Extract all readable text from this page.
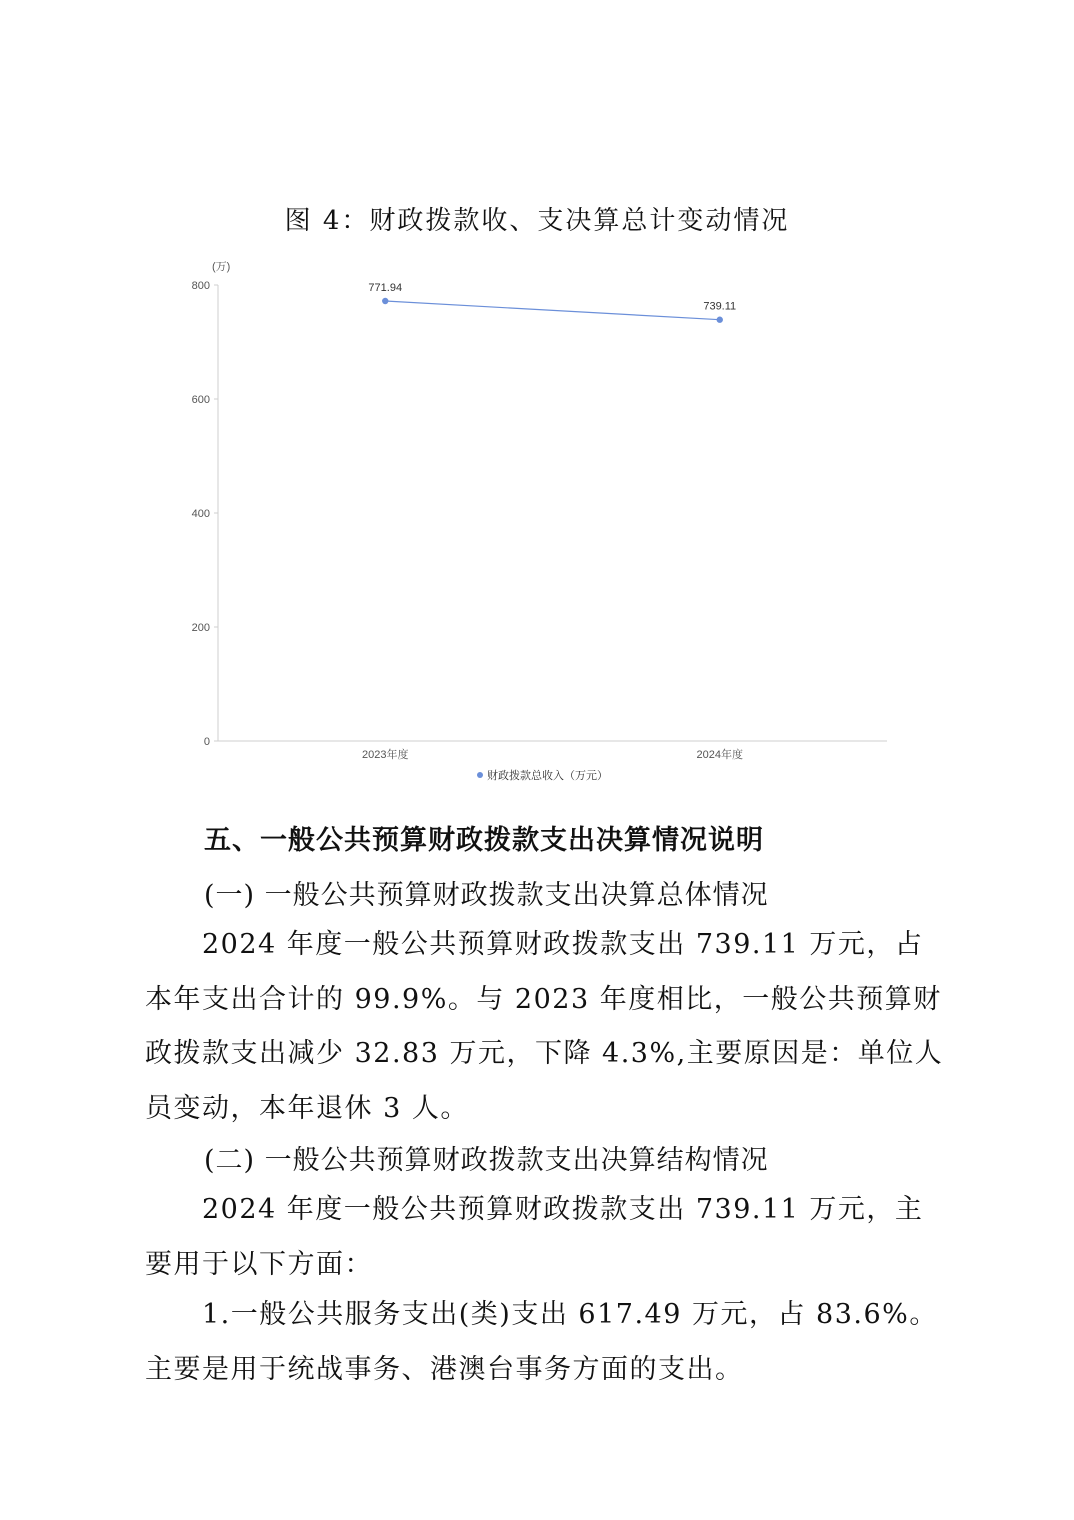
图 4：财政拨款收、支决算总计变动情况
(万)
0
200
400
600
800
2023年度	2024年度
771.94
739.11
财政拨款总收入（万元）
五、一般公共预算财政拨款支出决算情况说明
(一) 一般公共预算财政拨款支出决算总体情况
2024 年度一般公共预算财政拨款支出 739.11 万元，占本年支出合计的 99.9%。与 2023 年度相比，一般公共预算财政拨款支出减少 32.83 万元，下降 4.3%,主要原因是：单位人员变动，本年退休 3 人。
(二) 一般公共预算财政拨款支出决算结构情况
2024 年度一般公共预算财政拨款支出 739.11 万元，主要用于以下方面：
1.一般公共服务支出(类)支出 617.49 万元，占 83.6%。主要是用于统战事务、港澳台事务方面的支出。
